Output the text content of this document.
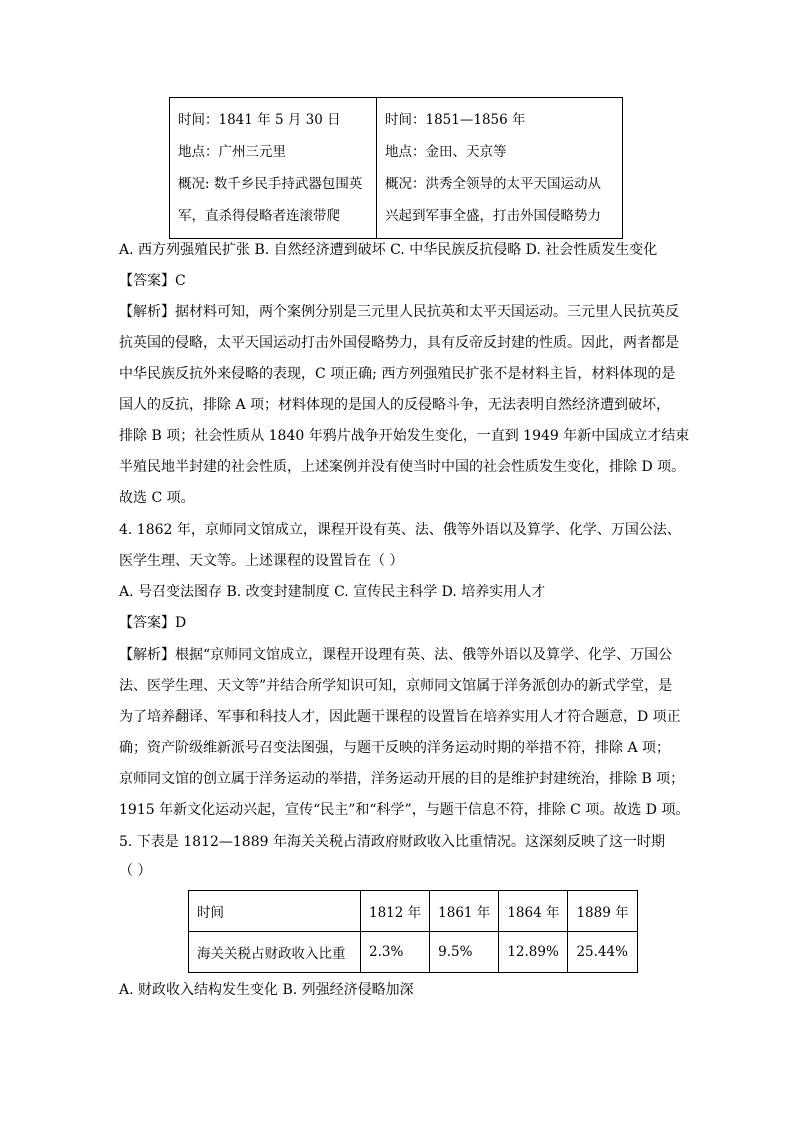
时间：1841 年 5 月 30 日
地点：广州三元里
概况: 数千乡民手持武器包围英
军，直杀得侵略者连滚带爬

时间：1851—1856 年
地点：金田、天京等
概况：洪秀全领导的太平天国运动从
兴起到军事全盛，打击外国侵略势力
A. 西方列强殖民扩张 B. 自然经济遭到破坏 C. 中华民族反抗侵略 D. 社会性质发生变化
【答案】C
【解析】据材料可知，两个案例分别是三元里人民抗英和太平天国运动。三元里人民抗英反
抗英国的侵略，太平天国运动打击外国侵略势力，具有反帝反封建的性质。因此，两者都是
中华民族反抗外来侵略的表现，C 项正确; 西方列强殖民扩张不是材料主旨，材料体现的是
国人的反抗，排除 A 项；材料体现的是国人的反侵略斗争，无法表明自然经济遭到破坏，
排除 B 项；社会性质从 1840 年鸦片战争开始发生变化，一直到 1949 年新中国成立才结束
半殖民地半封建的社会性质，上述案例并没有使当时中国的社会性质发生变化，排除 D 项。
故选 C 项。
4. 1862 年，京师同文馆成立，课程开设有英、法、俄等外语以及算学、化学、万国公法、
医学生理、天文等。上述课程的设置旨在（ ）
A. 号召变法图存 B. 改变封建制度 C. 宣传民主科学 D. 培养实用人才
【答案】D
【解析】根据“京师同文馆成立，课程开设理有英、法、俄等外语以及算学、化学、万国公
法、医学生理、天文等”并结合所学知识可知，京师同文馆属于洋务派创办的新式学堂，是
为了培养翻译、军事和科技人才，因此题干课程的设置旨在培养实用人才符合题意，D 项正
确；资产阶级维新派号召变法图强，与题干反映的洋务运动时期的举措不符，排除 A 项；
京师同文馆的创立属于洋务运动的举措，洋务运动开展的目的是维护封建统治，排除 B 项；
1915 年新文化运动兴起，宣传“民主”和“科学”，与题干信息不符，排除 C 项。故选 D 项。
5. 下表是 1812—1889 年海关关税占清政府财政收入比重情况。这深刻反映了这一时期
（ ）
时间	1812 年	1861 年	1864 年	1889 年
海关关税占财政收入比重	2.3%	9.5%	12.89%	25.44%
A. 财政收入结构发生变化 B. 列强经济侵略加深
